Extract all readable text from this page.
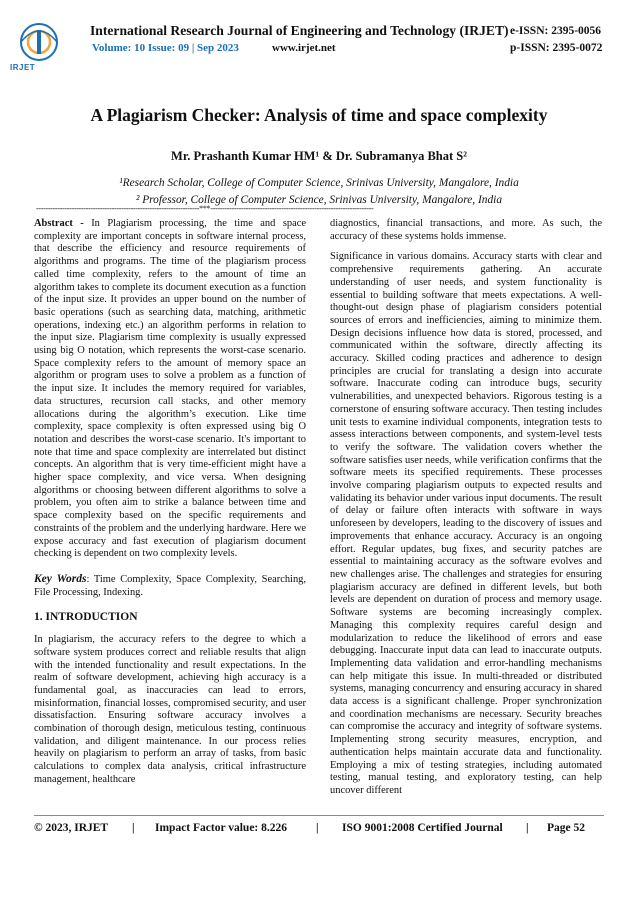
IRJET
International Research Journal of Engineering and Technology (IRJET) e-ISSN: 2395-0056
Volume: 10 Issue: 09 | Sep 2023	www.irjet.net	p-ISSN: 2395-0072
A Plagiarism Checker: Analysis of time and space complexity
Mr. Prashanth Kumar HM¹ & Dr. Subramanya Bhat S²
¹Research Scholar, College of Computer Science, Srinivas University, Mangalore, India
² Professor, College of Computer Science, Srinivas University, Mangalore, India
---------------------------------------------------------------------***---------------------------------------------------------------------

Abstract - In Plagiarism processing, the time and space complexity are important concepts in software internal process, that describe the efficiency and resource requirements of algorithms and programs. The time of the plagiarism process called time complexity, refers to the amount of time an algorithm takes to complete its document execution as a function of the input size. It provides an upper bound on the number of basic operations (such as searching data, matching, arithmetic operations, indexing etc.) an algorithm performs in relation to the input size. Plagiarism time complexity is usually expressed using big O notation, which represents the worst-case scenario. Space complexity refers to the amount of memory space an algorithm or program uses to solve a problem as a function of the input size. It includes the memory required for variables, data structures, recursion call stacks, and other memory allocations during the algorithm’s execution. Like time complexity, space complexity is often expressed using big O notation and describes the worst-case scenario. It's important to note that time and space complexity are interrelated but distinct concepts. An algorithm that is very time-efficient might have a higher space complexity, and vice versa. When designing algorithms or choosing between different algorithms to solve a problem, you often aim to strike a balance between time and space complexity based on the specific requirements and constraints of the problem and the underlying hardware. Here we expose accuracy and fast execution of plagiarism document checking is dependent on two complexity levels.

Key Words: Time Complexity, Space Complexity, Searching, File Processing, Indexing.

1. INTRODUCTION

In plagiarism, the accuracy refers to the degree to which a software system produces correct and reliable results that align with the intended functionality and result expectations. In the realm of software development, achieving high accuracy is a fundamental goal, as inaccuracies can lead to errors, misinformation, financial losses, compromised security, and user dissatisfaction. Ensuring software accuracy involves a combination of thorough design, meticulous testing, continuous validation, and diligent maintenance. In our process relies heavily on plagiarism to perform an array of tasks, from basic calculations to complex data analysis, critical infrastructure management, healthcare

diagnostics, financial transactions, and more. As such, the accuracy of these systems holds immense.

Significance in various domains. Accuracy starts with clear and comprehensive requirements gathering. An accurate understanding of user needs, and system functionality is essential to building software that meets expectations. A well-thought-out design phase of plagiarism considers potential sources of errors and inefficiencies, aiming to minimize them. Design decisions influence how data is stored, processed, and communicated within the software, directly affecting its accuracy. Skilled coding practices and adherence to design principles are crucial for translating a design into accurate software. Inaccurate coding can introduce bugs, security vulnerabilities, and unexpected behaviors. Rigorous testing is a cornerstone of ensuring software accuracy. Then testing includes unit tests to examine individual components, integration tests to assess interactions between components, and system-level tests to verify the software. The validation covers whether the software satisfies user needs, while verification confirms that the software meets its specified requirements. These processes involve comparing plagiarism outputs to expected results and validating its behavior under various input documents. The result of delay or failure often interacts with software in ways unforeseen by developers, leading to the discovery of issues and improvements that enhance accuracy. Accuracy is an ongoing effort. Regular updates, bug fixes, and security patches are essential to maintaining accuracy as the software evolves and new challenges arise. The challenges and strategies for ensuring plagiarism accuracy are defined in different levels, but both levels are dependent on duration of process and memory usage. Software systems are becoming increasingly complex. Managing this complexity requires careful design and modularization to reduce the likelihood of errors and ease debugging. Inaccurate input data can lead to inaccurate outputs. Implementing data validation and error-handling mechanisms can help mitigate this issue. In multi-threaded or distributed systems, managing concurrency and ensuring accuracy in shared data access is a significant challenge. Proper synchronization and coordination mechanisms are necessary. Security breaches can compromise the accuracy and integrity of software systems. Implementing strong security measures, encryption, and authentication helps maintain accurate data and functionality. Employing a mix of testing strategies, including automated testing, manual testing, and exploratory testing, can help uncover different

© 2023, IRJET | Impact Factor value: 8.226	| ISO 9001:2008 Certified Journal | Page 52
